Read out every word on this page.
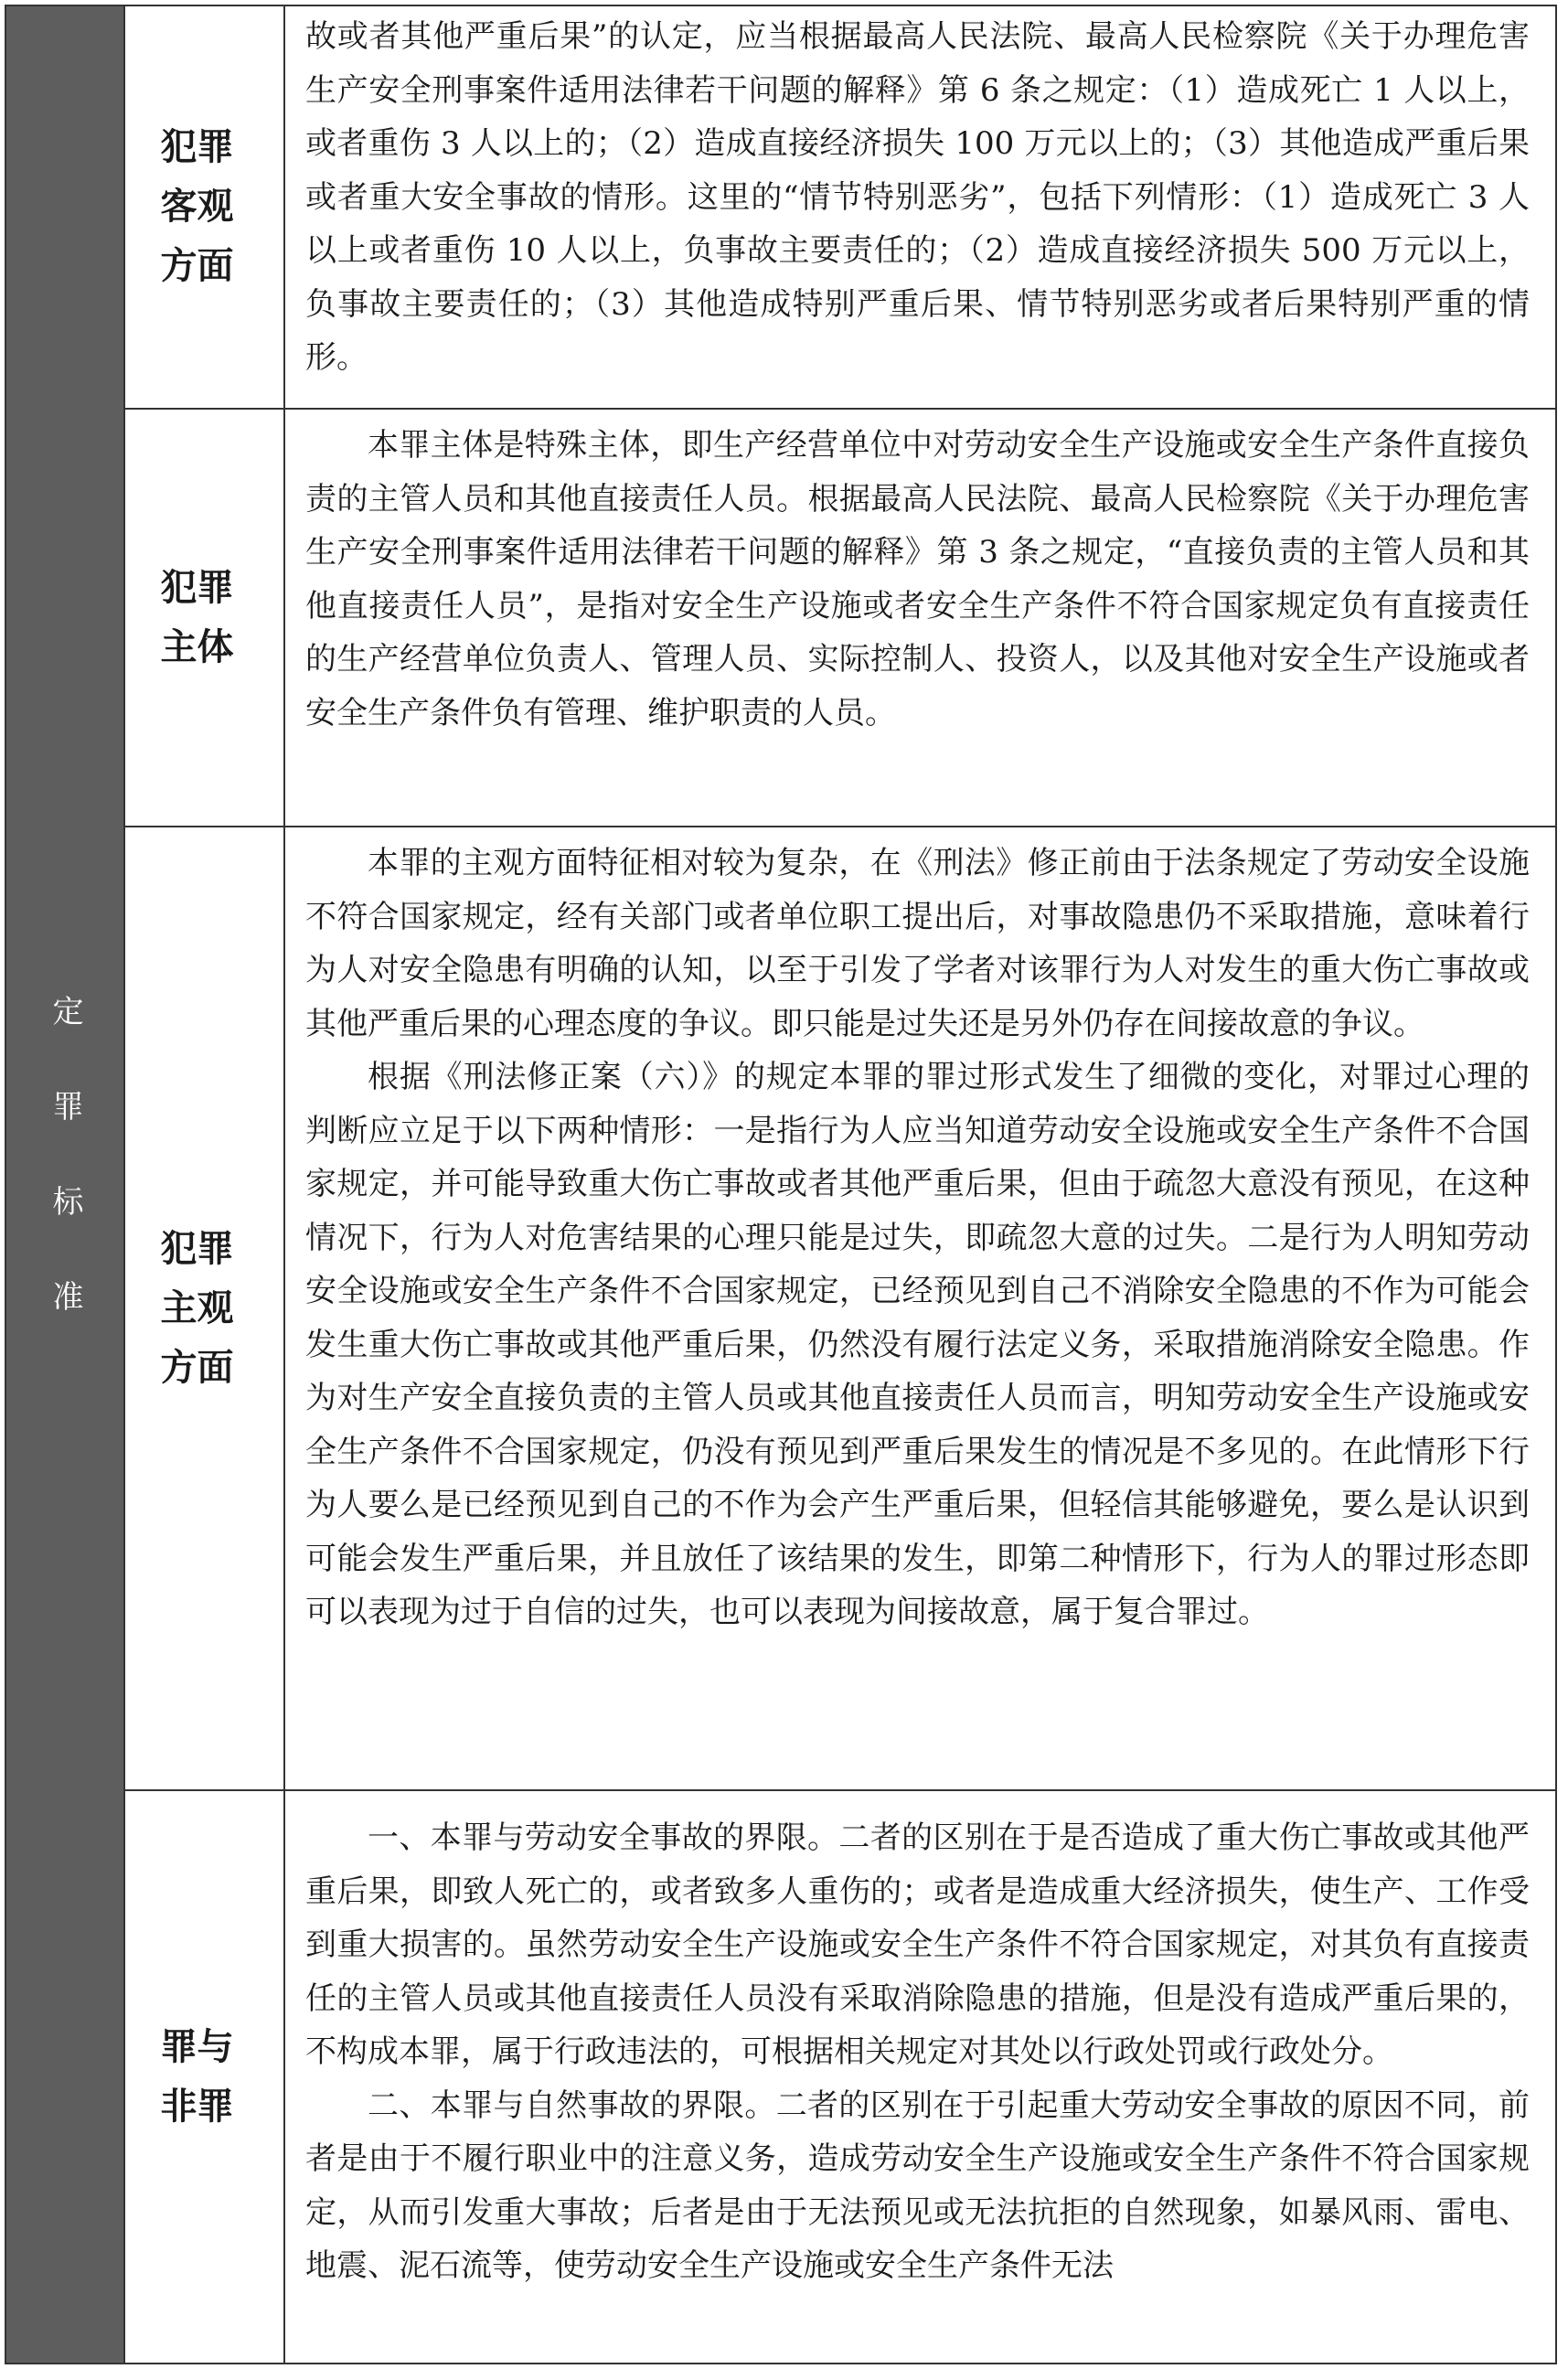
定罪标准
犯罪客观方面

故或者其他严重后果”的认定，应当根据最高人民法院、最高人民检察院《关于办理危害生产安全刑事案件适用法律若干问题的解释》第 6 条之规定：（1）造成死亡 1 人以上，或者重伤 3 人以上的；（2）造成直接经济损失 100 万元以上的；（3）其他造成严重后果或者重大安全事故的情形。这里的“情节特别恶劣”，包括下列情形：（1）造成死亡 3 人以上或者重伤 10 人以上，负事故主要责任的；（2）造成直接经济损失 500 万元以上，负事故主要责任的；（3）其他造成特别严重后果、情节特别恶劣或者后果特别严重的情形。

犯罪主体

本罪主体是特殊主体，即生产经营单位中对劳动安全生产设施或安全生产条件直接负责的主管人员和其他直接责任人员。根据最高人民法院、最高人民检察院《关于办理危害生产安全刑事案件适用法律若干问题的解释》第 3 条之规定，“直接负责的主管人员和其他直接责任人员”，是指对安全生产设施或者安全生产条件不符合国家规定负有直接责任的生产经营单位负责人、管理人员、实际控制人、投资人，以及其他对安全生产设施或者安全生产条件负有管理、维护职责的人员。

犯罪主观方面

本罪的主观方面特征相对较为复杂，在《刑法》修正前由于法条规定了劳动安全设施不符合国家规定，经有关部门或者单位职工提出后，对事故隐患仍不采取措施，意味着行为人对安全隐患有明确的认知，以至于引发了学者对该罪行为人对发生的重大伤亡事故或其他严重后果的心理态度的争议。即只能是过失还是另外仍存在间接故意的争议。

根据《刑法修正案（六）》的规定本罪的罪过形式发生了细微的变化，对罪过心理的判断应立足于以下两种情形：一是指行为人应当知道劳动安全设施或安全生产条件不合国家规定，并可能导致重大伤亡事故或者其他严重后果，但由于疏忽大意没有预见，在这种情况下，行为人对危害结果的心理只能是过失，即疏忽大意的过失。二是行为人明知劳动安全设施或安全生产条件不合国家规定，已经预见到自己不消除安全隐患的不作为可能会发生重大伤亡事故或其他严重后果，仍然没有履行法定义务，采取措施消除安全隐患。作为对生产安全直接负责的主管人员或其他直接责任人员而言，明知劳动安全生产设施或安全生产条件不合国家规定，仍没有预见到严重后果发生的情况是不多见的。在此情形下行为人要么是已经预见到自己的不作为会产生严重后果，但轻信其能够避免，要么是认识到可能会发生严重后果，并且放任了该结果的发生，即第二种情形下，行为人的罪过形态即可以表现为过于自信的过失，也可以表现为间接故意，属于复合罪过。

罪与非罪

一、本罪与劳动安全事故的界限。二者的区别在于是否造成了重大伤亡事故或其他严重后果，即致人死亡的，或者致多人重伤的；或者是造成重大经济损失，使生产、工作受到重大损害的。虽然劳动安全生产设施或安全生产条件不符合国家规定，对其负有直接责任的主管人员或其他直接责任人员没有采取消除隐患的措施，但是没有造成严重后果的，不构成本罪，属于行政违法的，可根据相关规定对其处以行政处罚或行政处分。

二、本罪与自然事故的界限。二者的区别在于引起重大劳动安全事故的原因不同，前者是由于不履行职业中的注意义务，造成劳动安全生产设施或安全生产条件不符合国家规定，从而引发重大事故；后者是由于无法预见或无法抗拒的自然现象，如暴风雨、雷电、地震、泥石流等，使劳动安全生产设施或安全生产条件无法
